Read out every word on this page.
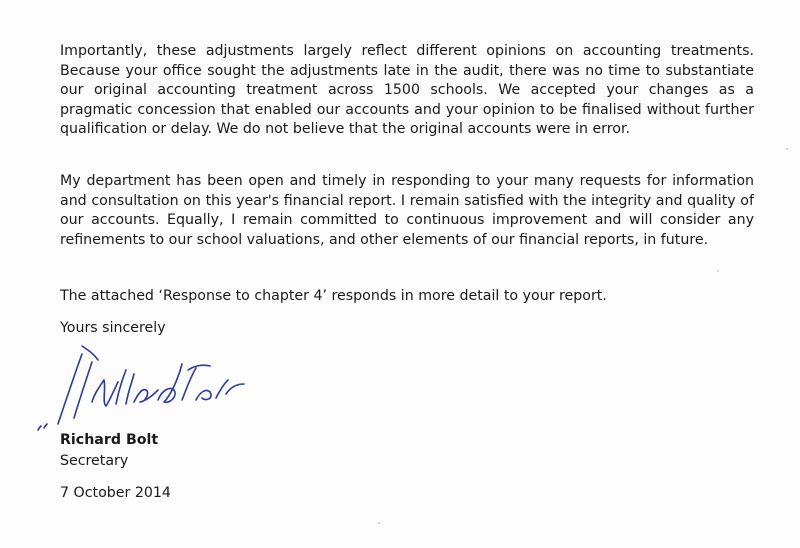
Importantly, these adjustments largely reflect different opinions on accounting treatments. Because your office sought the adjustments late in the audit, there was no time to substantiate our original accounting treatment across 1500 schools. We accepted your changes as a pragmatic concession that enabled our accounts and your opinion to be finalised without further qualification or delay. We do not believe that the original accounts were in error.

My department has been open and timely in responding to your many requests for information and consultation on this year's financial report. I remain satisfied with the integrity and quality of our accounts. Equally, I remain committed to continuous improvement and will consider any refinements to our school valuations, and other elements of our financial reports, in future.

The attached ‘Response to chapter 4’ responds in more detail to your report.

Yours sincerely

Richard Bolt

Secretary

7 October 2014
